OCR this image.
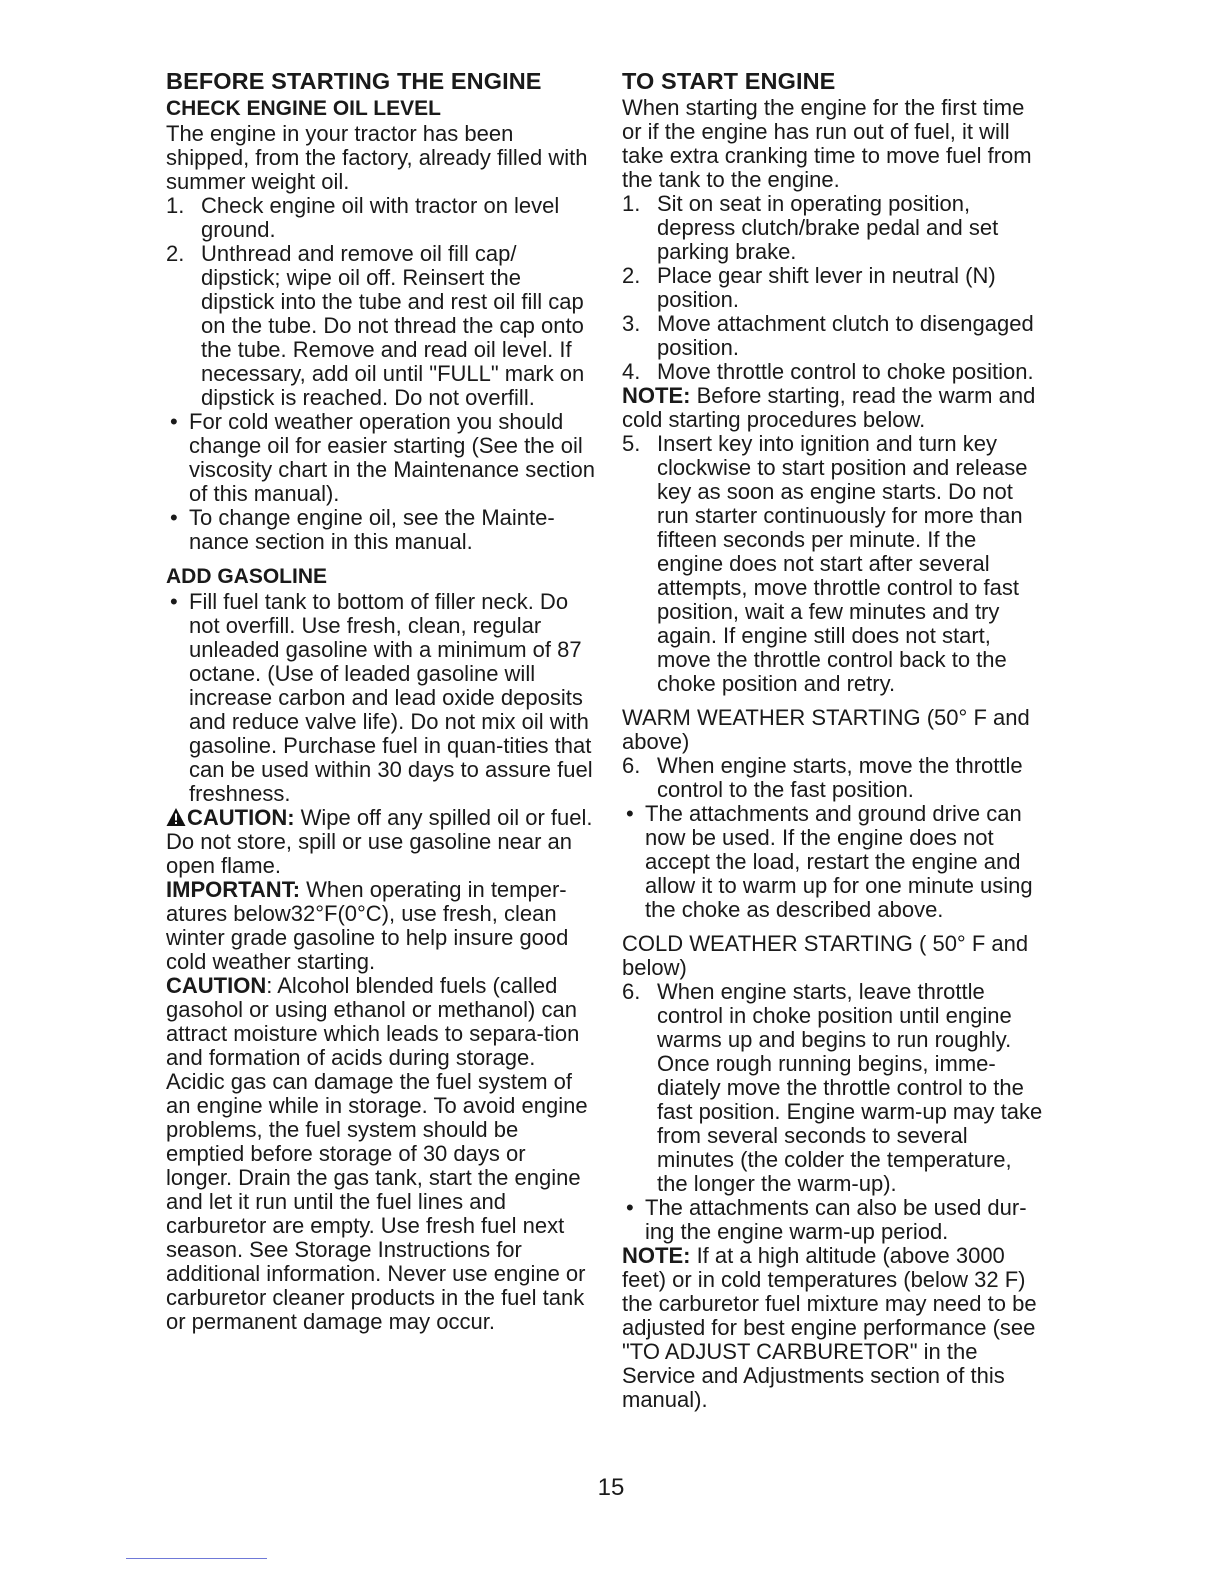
BEFORE STARTING THE ENGINE
CHECK ENGINE OIL LEVEL

The engine in your tractor has been shipped, from the factory, already filled with summer weight oil.

1. Check engine oil with tractor on level ground.
2. Unthread and remove oil fill cap/ dipstick; wipe oil off. Reinsert the dipstick into the tube and rest oil fill cap on the tube. Do not thread the cap onto the tube. Remove and read oil level. If necessary, add oil until "FULL" mark on dipstick is reached. Do not overfill.
• For cold weather operation you should change oil for easier starting (See the oil viscosity chart in the Maintenance section of this manual).
• To change engine oil, see the Mainte-nance section in this manual.
ADD GASOLINE
• Fill fuel tank to bottom of filler neck. Do not overfill. Use fresh, clean, regular unleaded gasoline with a minimum of 87 octane. (Use of leaded gasoline will increase carbon and lead oxide deposits and reduce valve life). Do not mix oil with gasoline. Purchase fuel in quan-tities that can be used within 30 days to assure fuel freshness.

CAUTION: Wipe off any spilled oil or fuel. Do not store, spill or use gasoline near an open flame.

IMPORTANT: When operating in temper-atures below32°F(0°C), use fresh, clean winter grade gasoline to help insure good cold weather starting.

CAUTION: Alcohol blended fuels (called gasohol or using ethanol or methanol) can attract moisture which leads to separa-tion and formation of acids during storage. Acidic gas can damage the fuel system of an engine while in storage. To avoid engine problems, the fuel system should be emptied before storage of 30 days or longer. Drain the gas tank, start the engine and let it run until the fuel lines and carburetor are empty. Use fresh fuel next season. See Storage Instructions for additional information. Never use engine or carburetor cleaner products in the fuel tank or permanent damage may occur.

TO START ENGINE

When starting the engine for the first time or if the engine has run out of fuel, it will take extra cranking time to move fuel from the tank to the engine.

1. Sit on seat in operating position, depress clutch/brake pedal and set parking brake.
2. Place gear shift lever in neutral (N) position.
3. Move attachment clutch to disengaged position.
4. Move throttle control to choke position.

NOTE: Before starting, read the warm and cold starting procedures below.

5. Insert key into ignition and turn key clockwise to start position and release key as soon as engine starts. Do not run starter continuously for more than fifteen seconds per minute. If the engine does not start after several attempts, move throttle control to fast position, wait a few minutes and try again. If engine still does not start, move the throttle control back to the choke position and retry.

WARM WEATHER STARTING (50° F and above)

6. When engine starts, move the throttle control to the fast position.
• The attachments and ground drive can now be used. If the engine does not accept the load, restart the engine and allow it to warm up for one minute using the choke as described above.

COLD WEATHER STARTING ( 50° F and below)

6. When engine starts, leave throttle control in choke position until engine warms up and begins to run roughly. Once rough running begins, imme-diately move the throttle control to the fast position. Engine warm-up may take from several seconds to several minutes (the colder the temperature, the longer the warm-up).
• The attachments can also be used dur-ing the engine warm-up period.

NOTE: If at a high altitude (above 3000 feet) or in cold temperatures (below 32 F) the carburetor fuel mixture may need to be adjusted for best engine performance (see "TO ADJUST CARBURETOR" in the Service and Adjustments section of this manual).

15
